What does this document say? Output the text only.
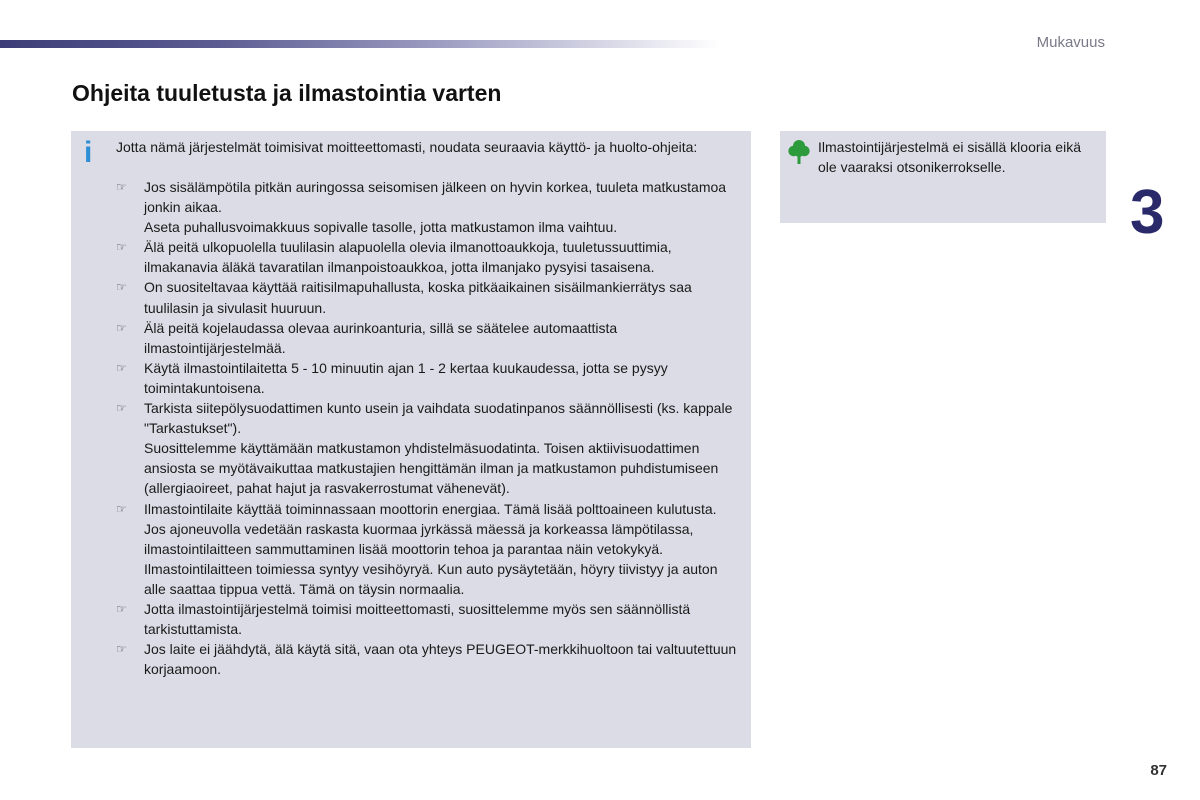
Mukavuus
Ohjeita tuuletusta ja ilmastointia varten
i Jotta nämä järjestelmät toimisivat moitteettomasti, noudata seuraavia käyttö- ja huolto-ohjeita:

☞	Jos sisälämpötila pitkän auringossa seisomisen jälkeen on hyvin korkea, tuuleta matkustamoa jonkin aikaa.

Aseta puhallusvoimakkuus sopivalle tasolle, jotta matkustamon ilma vaihtuu.

☞	Älä peitä ulkopuolella tuulilasin alapuolella olevia ilmanottoaukkoja, tuuletussuuttimia, ilmakanavia äläkä tavaratilan ilmanpoistoaukkoa, jotta ilmanjako pysyisi tasaisena.

☞	On suositeltavaa käyttää raitisilmapuhallusta, koska pitkäaikainen sisäilmankierrätys saa tuulilasin ja sivulasit huuruun.

☞	Älä peitä kojelaudassa olevaa aurinkoanturia, sillä se säätelee automaattista ilmastointijärjestelmää.

☞	Käytä ilmastointilaitetta 5 - 10 minuutin ajan 1 - 2 kertaa kuukaudessa, jotta se pysyy toimintakuntoisena.

☞	Tarkista siitepölysuodattimen kunto usein ja vaihdata suodatinpanos säännöllisesti (ks. kappale "Tarkastukset").

Suosittelemme käyttämään matkustamon yhdistelmäsuodatinta. Toisen aktiivisuodattimen ansiosta se myötävaikuttaa matkustajien hengittämän ilman ja matkustamon puhdistumiseen (allergiaoireet, pahat hajut ja rasvakerrostumat vähenevät).

☞	Ilmastointilaite käyttää toiminnassaan moottorin energiaa. Tämä lisää polttoaineen kulutusta.

Jos ajoneuvolla vedetään raskasta kuormaa jyrkässä mäessä ja korkeassa lämpötilassa, ilmastointilaitteen sammuttaminen lisää moottorin tehoa ja parantaa näin vetokykyä.

Ilmastointilaitteen toimiessa syntyy vesihöyryä. Kun auto pysäytetään, höyry tiivistyy ja auton alle saattaa tippua vettä. Tämä on täysin normaalia.

☞	Jotta ilmastointijärjestelmä toimisi moitteettomasti, suosittelemme myös sen säännöllistä tarkistuttamista.

☞	Jos laite ei jäähdytä, älä käytä sitä, vaan ota yhteys PEUGEOT-merkkihuoltoon tai valtuutettuun korjaamoon.

Ilmastointijärjestelmä ei sisällä klooria eikä ole vaaraksi otsonikerrokselle.

3
87
